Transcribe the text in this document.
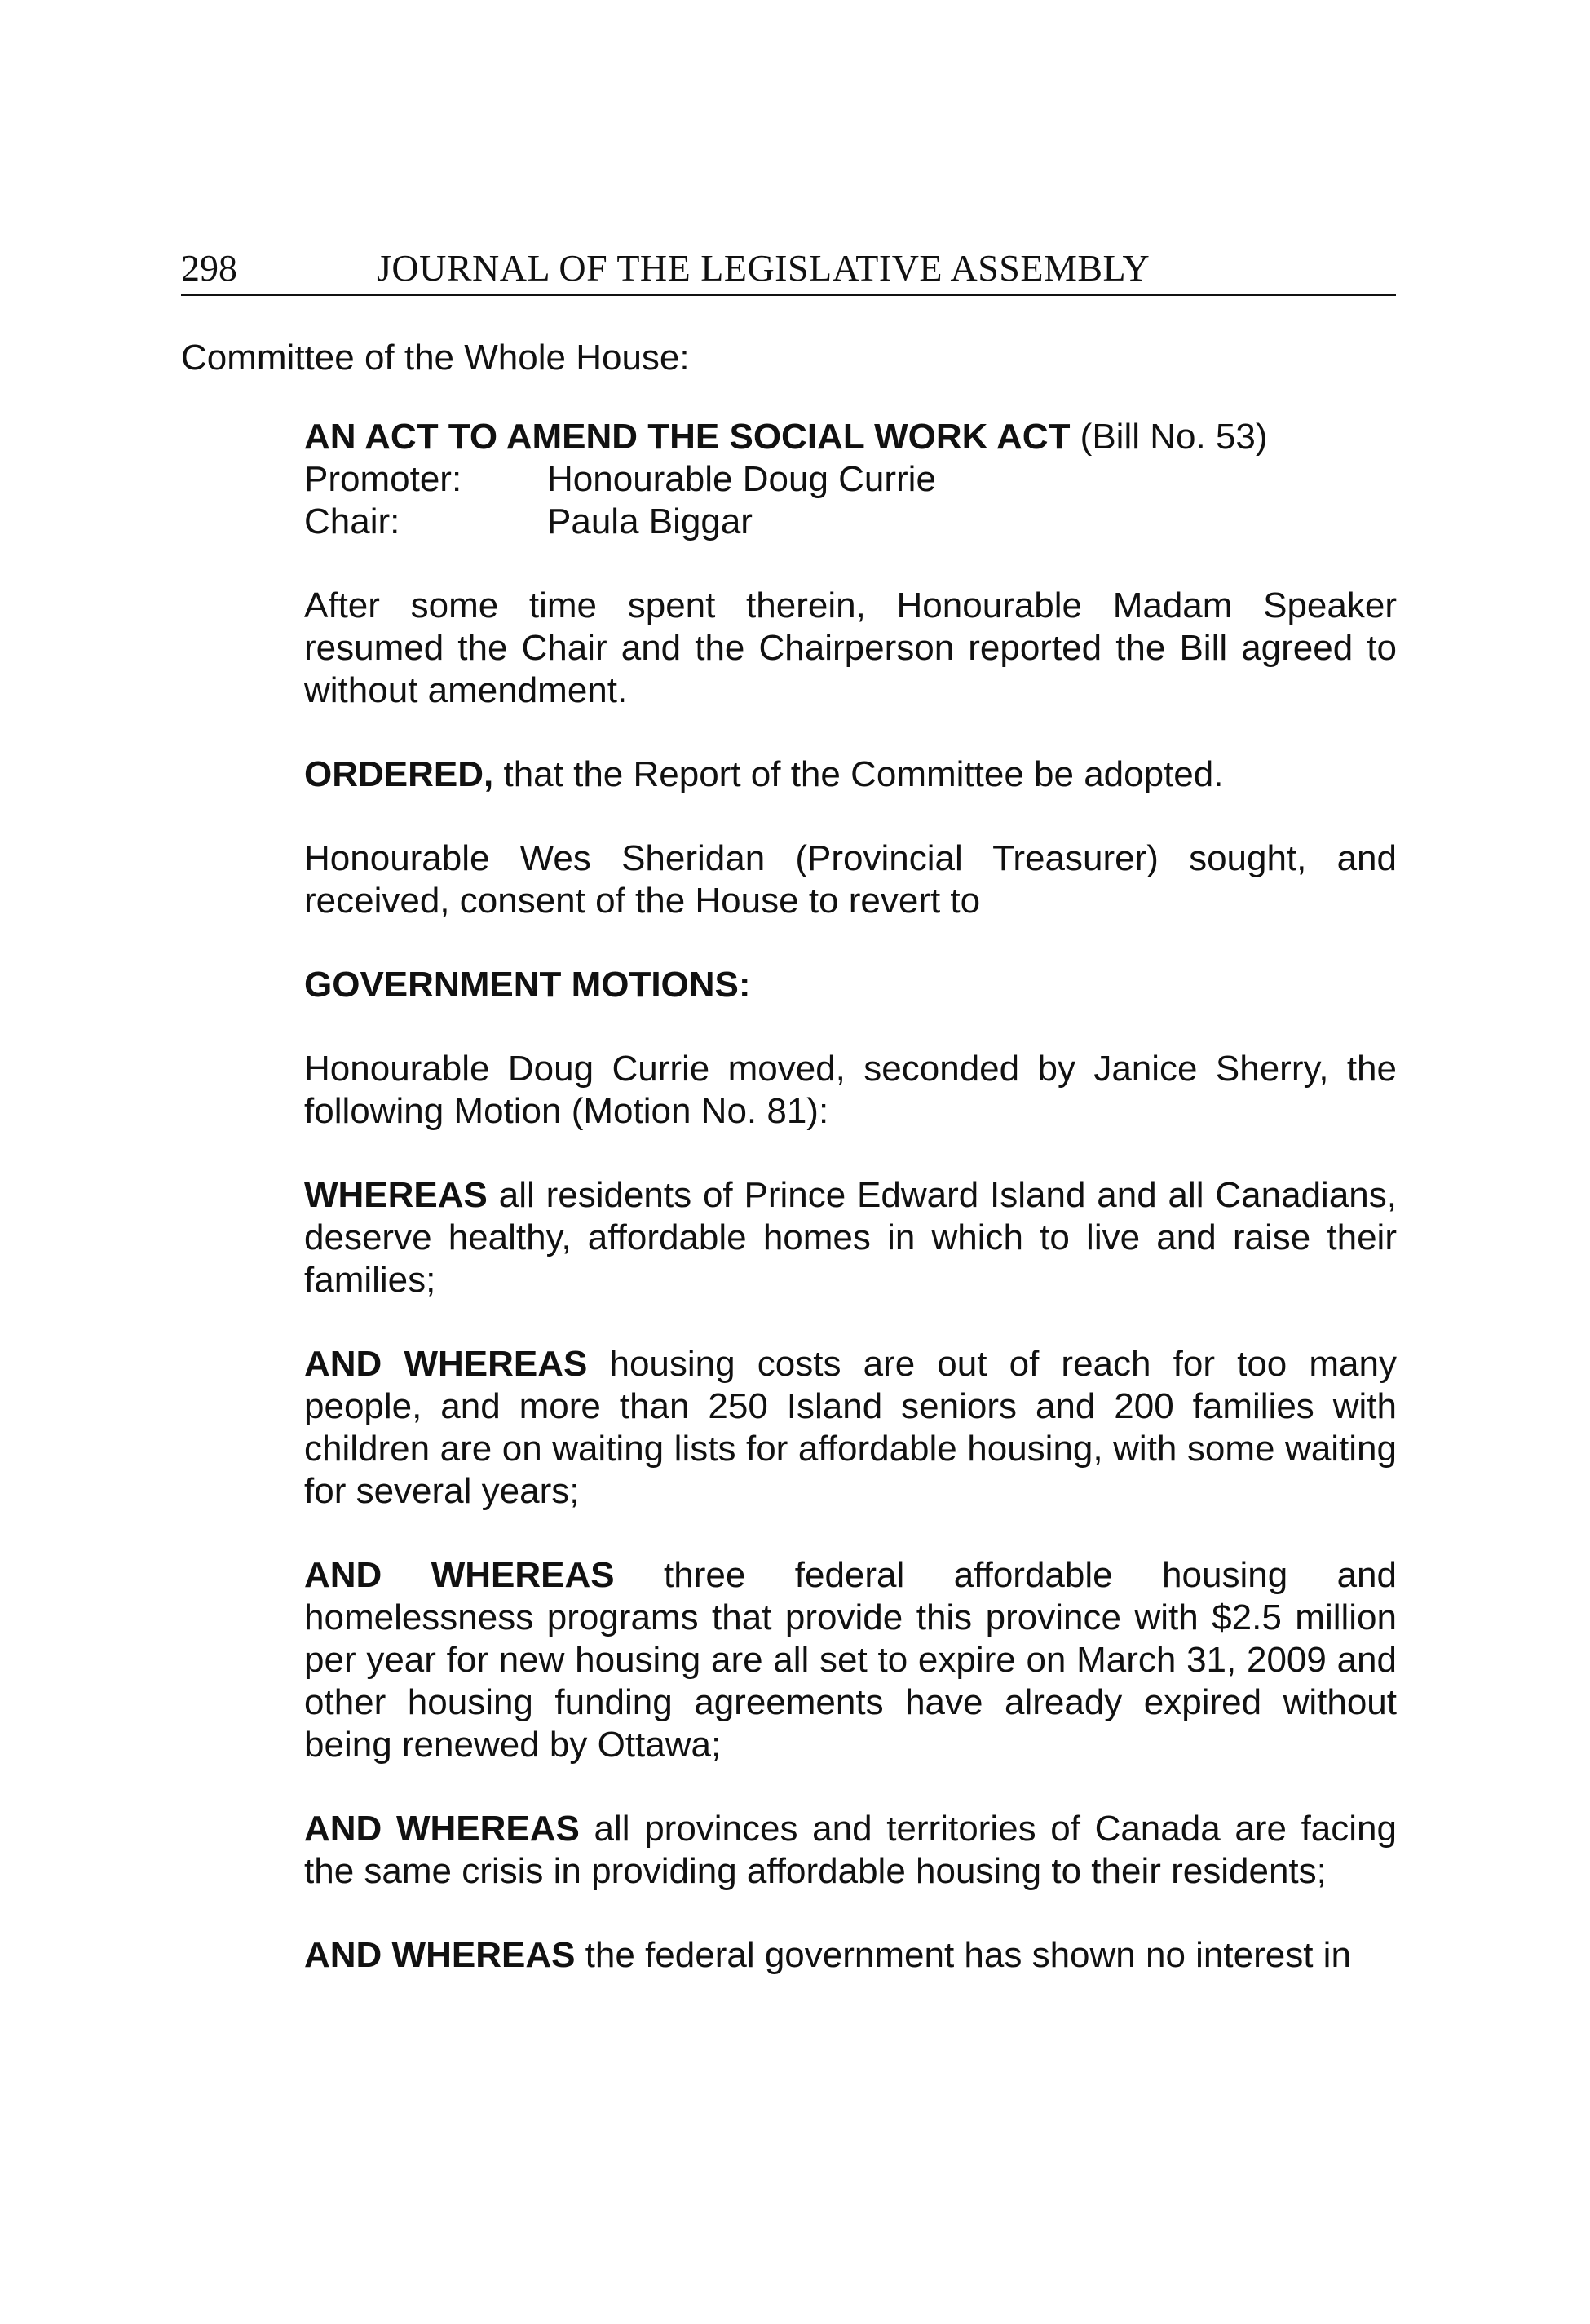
298	JOURNAL OF THE LEGISLATIVE ASSEMBLY
Committee of the Whole House:
AN ACT TO AMEND THE SOCIAL WORK ACT (Bill No. 53)
Promoter:	Honourable Doug Currie
Chair:	Paula Biggar

After some time spent therein, Honourable Madam Speaker resumed the Chair and the Chairperson reported the Bill agreed to without amendment.

ORDERED, that the Report of the Committee be adopted.

Honourable Wes Sheridan (Provincial Treasurer) sought, and received, consent of the House to revert to

GOVERNMENT MOTIONS:

Honourable Doug Currie moved, seconded by Janice Sherry, the following Motion (Motion No. 81):

WHEREAS all residents of Prince Edward Island and all Canadians, deserve healthy, affordable homes in which to live and raise their families;

AND WHEREAS housing costs are out of reach for too many people, and more than 250 Island seniors and 200 families with children are on waiting lists for affordable housing, with some waiting for several years;

AND WHEREAS three federal affordable housing and homelessness programs that provide this province with $2.5 million per year for new housing are all set to expire on March 31, 2009 and other housing funding agreements have already expired without being renewed by Ottawa;

AND WHEREAS all provinces and territories of Canada are facing the same crisis in providing affordable housing to their residents;

AND WHEREAS the federal government has shown no interest in
